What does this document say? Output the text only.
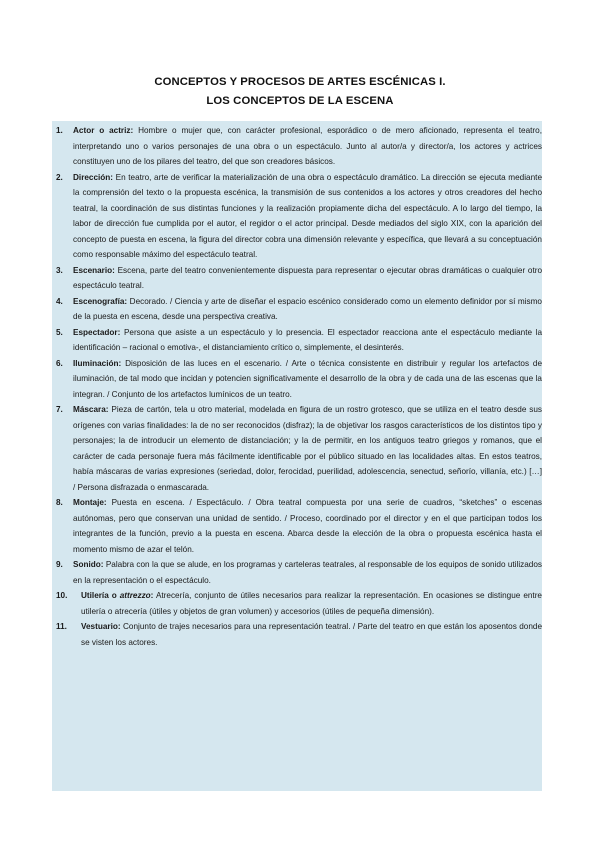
CONCEPTOS Y PROCESOS DE ARTES ESCÉNICAS I.
LOS CONCEPTOS DE LA ESCENA
1. Actor o actriz: Hombre o mujer que, con carácter profesional, esporádico o de mero aficionado, representa el teatro, interpretando uno o varios personajes de una obra o un espectáculo. Junto al autor/a y director/a, los actores y actrices constituyen uno de los pilares del teatro, del que son creadores básicos.
2. Dirección: En teatro, arte de verificar la materialización de una obra o espectáculo dramático. La dirección se ejecuta mediante la comprensión del texto o la propuesta escénica, la transmisión de sus contenidos a los actores y otros creadores del hecho teatral, la coordinación de sus distintas funciones y la realización propiamente dicha del espectáculo. A lo largo del tiempo, la labor de dirección fue cumplida por el autor, el regidor o el actor principal. Desde mediados del siglo XIX, con la aparición del concepto de puesta en escena, la figura del director cobra una dimensión relevante y específica, que llevará a su conceptuación como responsable máximo del espectáculo teatral.
3. Escenario: Escena, parte del teatro convenientemente dispuesta para representar o ejecutar obras dramáticas o cualquier otro espectáculo teatral.
4. Escenografía: Decorado. / Ciencia y arte de diseñar el espacio escénico considerado como un elemento definidor por sí mismo de la puesta en escena, desde una perspectiva creativa.
5. Espectador: Persona que asiste a un espectáculo y lo presencia. El espectador reacciona ante el espectáculo mediante la identificación – racional o emotiva-, el distanciamiento crítico o, simplemente, el desinterés.
6. Iluminación: Disposición de las luces en el escenario. / Arte o técnica consistente en distribuir y regular los artefactos de iluminación, de tal modo que incidan y potencien significativamente el desarrollo de la obra y de cada una de las escenas que la integran. / Conjunto de los artefactos lumínicos de un teatro.
7. Máscara: Pieza de cartón, tela u otro material, modelada en figura de un rostro grotesco, que se utiliza en el teatro desde sus orígenes con varias finalidades: la de no ser reconocidos (disfraz); la de objetivar los rasgos característicos de los distintos tipo y personajes; la de introducir un elemento de distanciación; y la de permitir, en los antiguos teatro griegos y romanos, que el carácter de cada personaje fuera más fácilmente identificable por el público situado en las localidades altas. En estos teatros, había máscaras de varias expresiones (seriedad, dolor, ferocidad, puerilidad, adolescencia, senectud, señorío, villanía, etc.) […] / Persona disfrazada o enmascarada.
8. Montaje: Puesta en escena. / Espectáculo. / Obra teatral compuesta por una serie de cuadros, “sketches” o escenas autónomas, pero que conservan una unidad de sentido. / Proceso, coordinado por el director y en el que participan todos los integrantes de la función, previo a la puesta en escena. Abarca desde la elección de la obra o propuesta escénica hasta el momento mismo de azar el telón.
9. Sonido: Palabra con la que se alude, en los programas y carteleras teatrales, al responsable de los equipos de sonido utilizados en la representación o el espectáculo.
10. Utilería o attrezzo: Atrecería, conjunto de útiles necesarios para realizar la representación. En ocasiones se distingue entre utilería o atrecería (útiles y objetos de gran volumen) y accesorios (útiles de pequeña dimensión).
11. Vestuario: Conjunto de trajes necesarios para una representación teatral. / Parte del teatro en que están los aposentos donde se visten los actores.
